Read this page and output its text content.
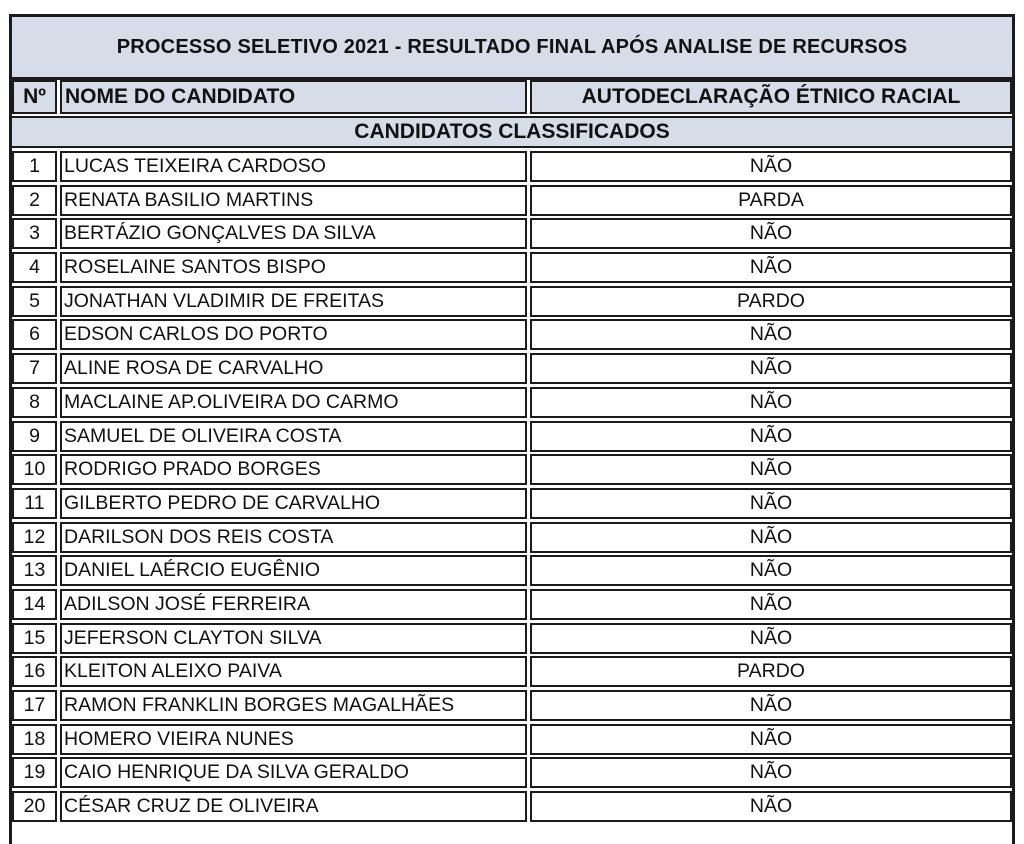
PROCESSO SELETIVO 2021 - RESULTADO FINAL APÓS ANALISE DE RECURSOS
Nº NOME DO CANDIDATO	AUTODECLARAÇÃO ÉTNICO RACIAL
CANDIDATOS CLASSIFICADOS
1	LUCAS TEIXEIRA CARDOSO	NÃO
2	RENATA BASILIO MARTINS	PARDA
3	BERTÁZIO GONÇALVES DA SILVA	NÃO
4	ROSELAINE SANTOS BISPO	NÃO
5	JONATHAN VLADIMIR DE FREITAS	PARDO
6	EDSON CARLOS DO PORTO	NÃO
7	ALINE ROSA DE CARVALHO	NÃO
8	MACLAINE AP.OLIVEIRA DO CARMO	NÃO
9	SAMUEL DE OLIVEIRA COSTA	NÃO
10 RODRIGO PRADO BORGES	NÃO
11 GILBERTO PEDRO DE CARVALHO	NÃO
12 DARILSON DOS REIS COSTA	NÃO
13 DANIEL LAÉRCIO EUGÊNIO	NÃO
14 ADILSON JOSÉ FERREIRA	NÃO
15 JEFERSON CLAYTON SILVA	NÃO
16 KLEITON ALEIXO PAIVA	PARDO
17 RAMON FRANKLIN BORGES MAGALHÃES	NÃO
18 HOMERO VIEIRA NUNES	NÃO
19 CAIO HENRIQUE DA SILVA GERALDO	NÃO
20 CÉSAR CRUZ DE OLIVEIRA	NÃO
